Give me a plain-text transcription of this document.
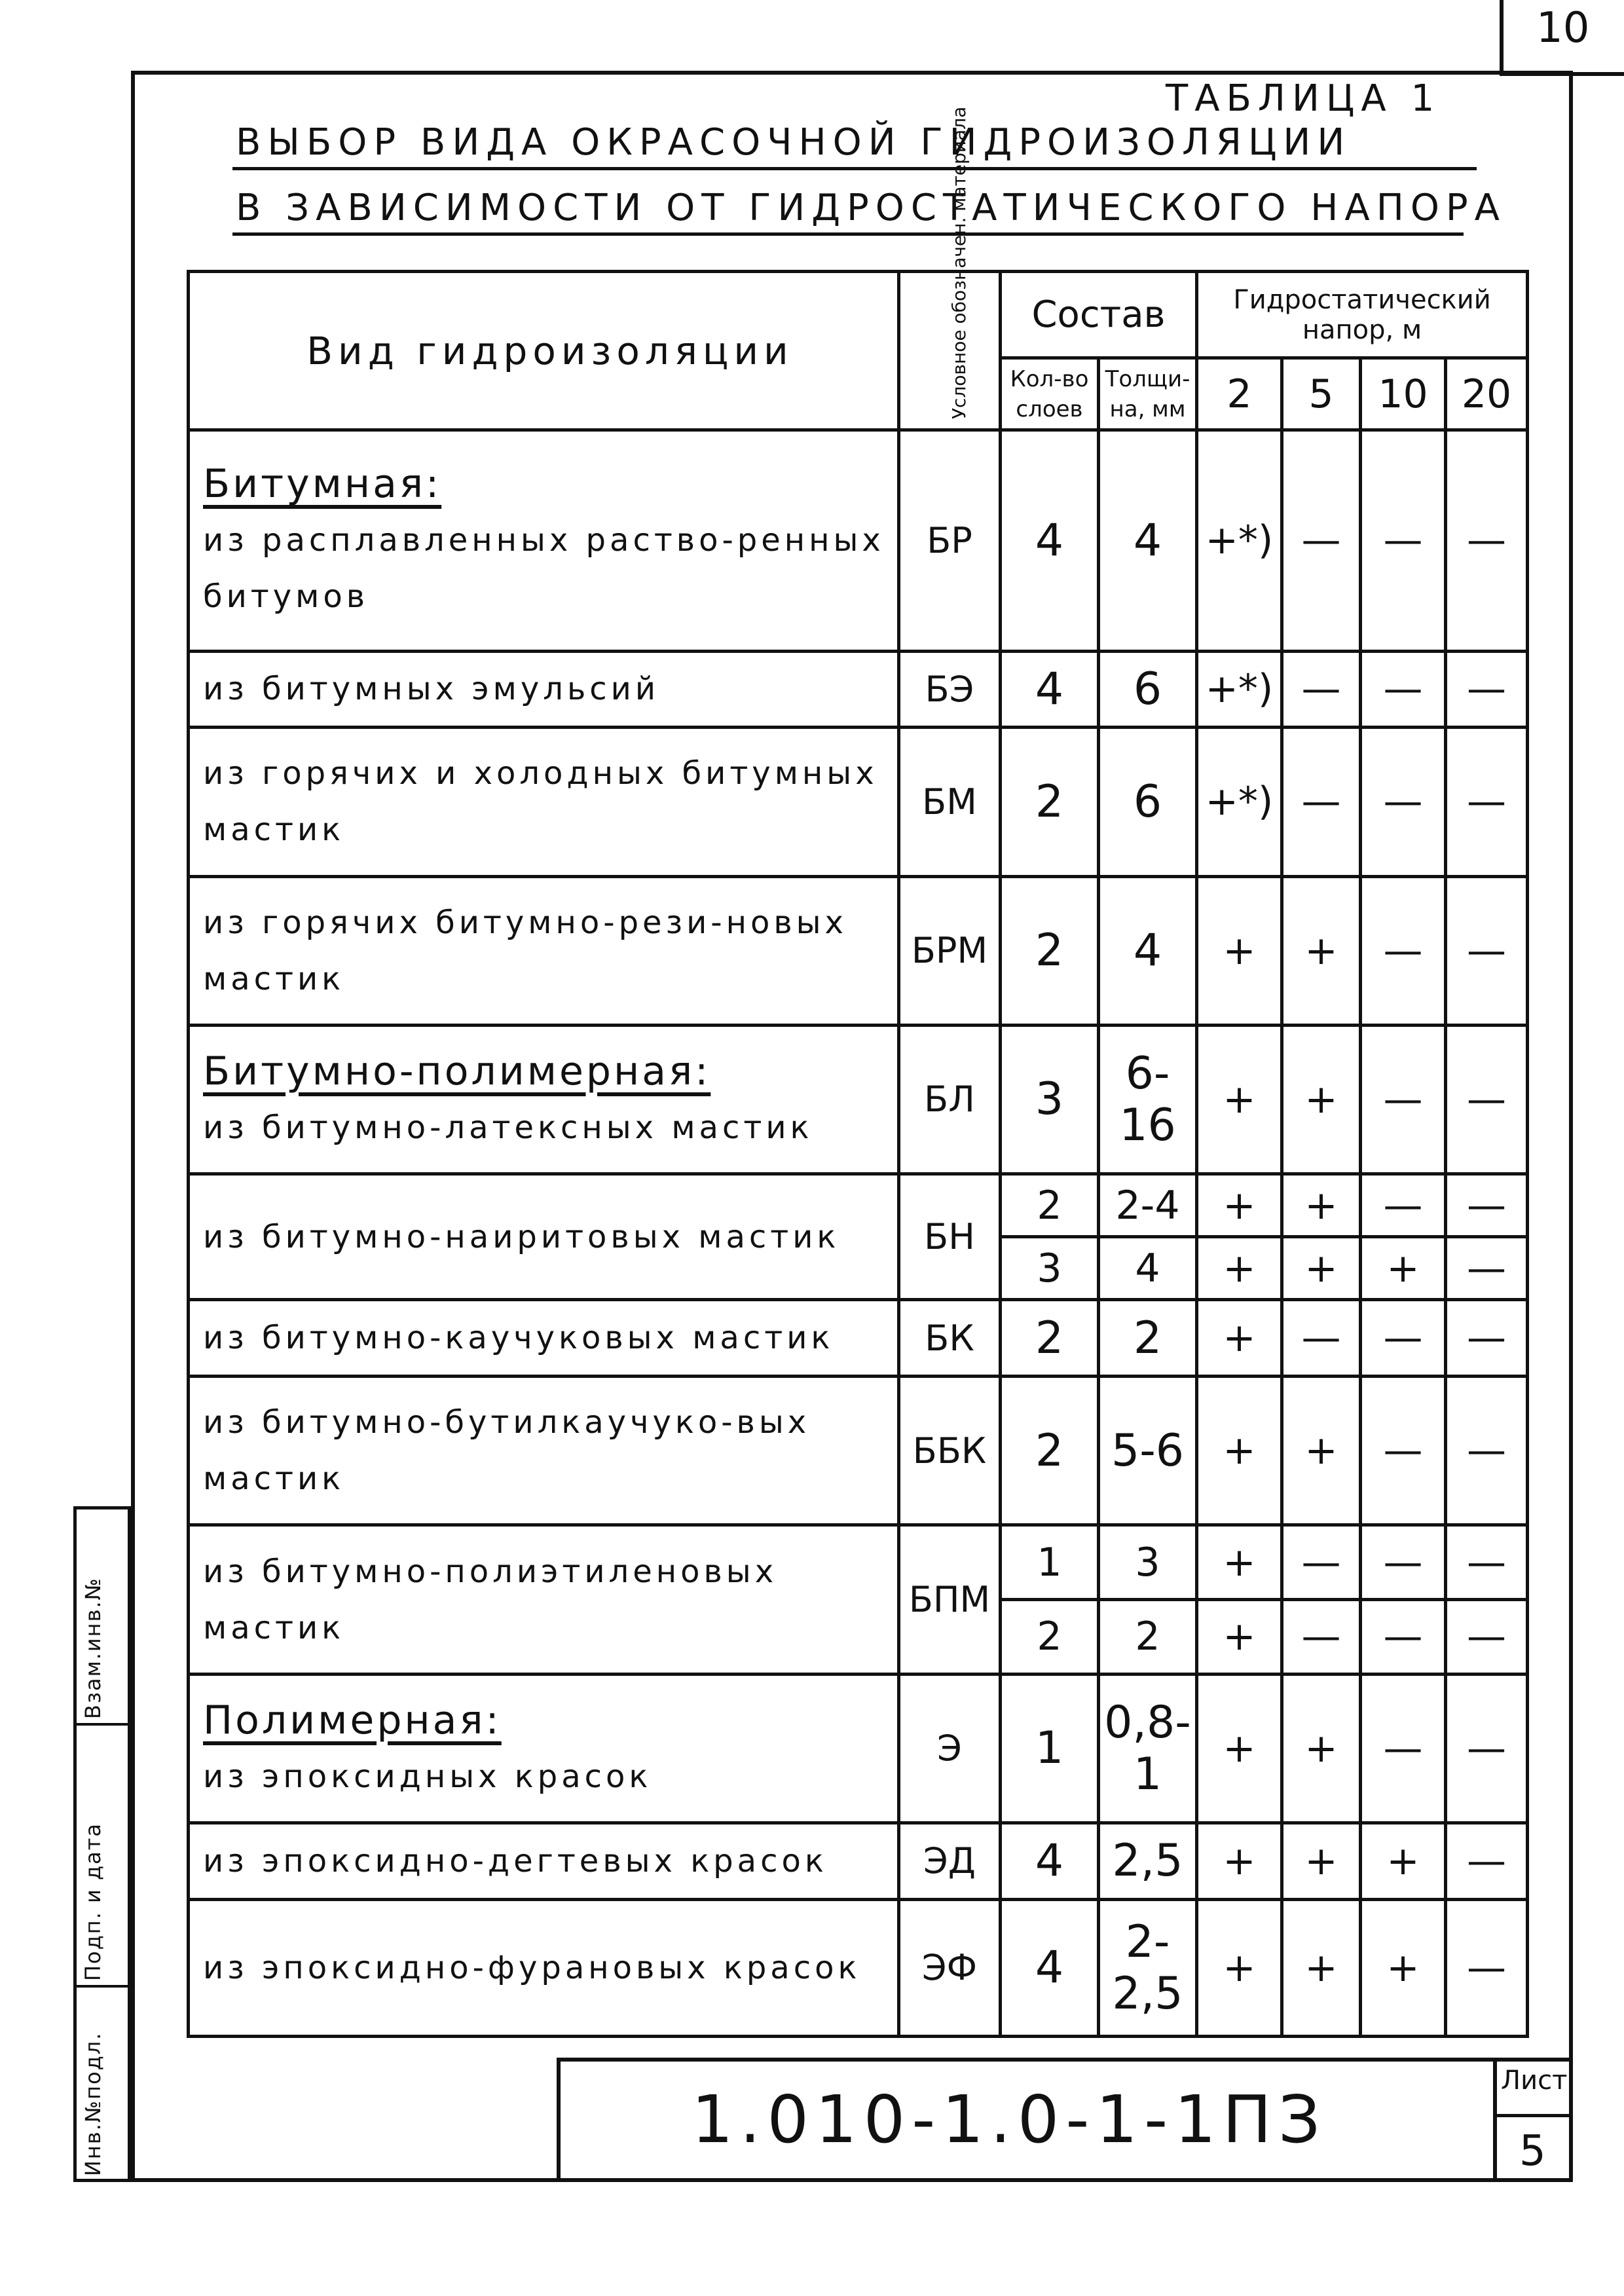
10
ТАБЛИЦА 1
ВЫБОР ВИДА ОКРАСОЧНОЙ ГИДРОИЗОЛЯЦИИ
В ЗАВИСИМОСТИ ОТ ГИДРОСТАТИЧЕСКОГО НАПОРА
Взам.инв.№
Подп. и дата
Инв.№подл.
Вид гидроизоляции	Условное обозначен. материала	Состав		Гидростатический напор, м			
		Кол-во слоев	Толщи-на, мм	2	5	10	20

Битумная:
из расплавленных раство-ренных битумов	БР	4	4	+*)	—	—	—

из битумных эмульсий	БЭ	4	6	+*)	—	—	—

из горячих и холодных битумных мастик	БМ	2	6	+*)	—	—	—

из горячих битумно-рези-новых мастик	БРМ	2	4	+	+	—	—

Битумно-полимерная:
из битумно-латексных мастик	БЛ	3	6-16	+	+	—	—

из битумно-наиритовых мастик	БН	2	2-4	+	+	—	—
		3	4	+	+	+	—

из битумно-каучуковых мастик	БК	2	2	+	—	—	—

из битумно-бутилкаучуко-вых мастик	ББК	2	5-6	+	+	—	—

из битумно-полиэтиленовых мастик	БПМ	1	3	+	—	—	—
		2	2	+	—	—	—

Полимерная:
из эпоксидных красок	Э	1	0,8-1	+	+	—	—

из эпоксидно-дегтевых красок	ЭД	4	2,5	+	+	+	—

из эпоксидно-фурановых красок	ЭФ	4	2-2,5	+	+	+	—
1.010-1.0-1-1ПЗ
Лист
5
